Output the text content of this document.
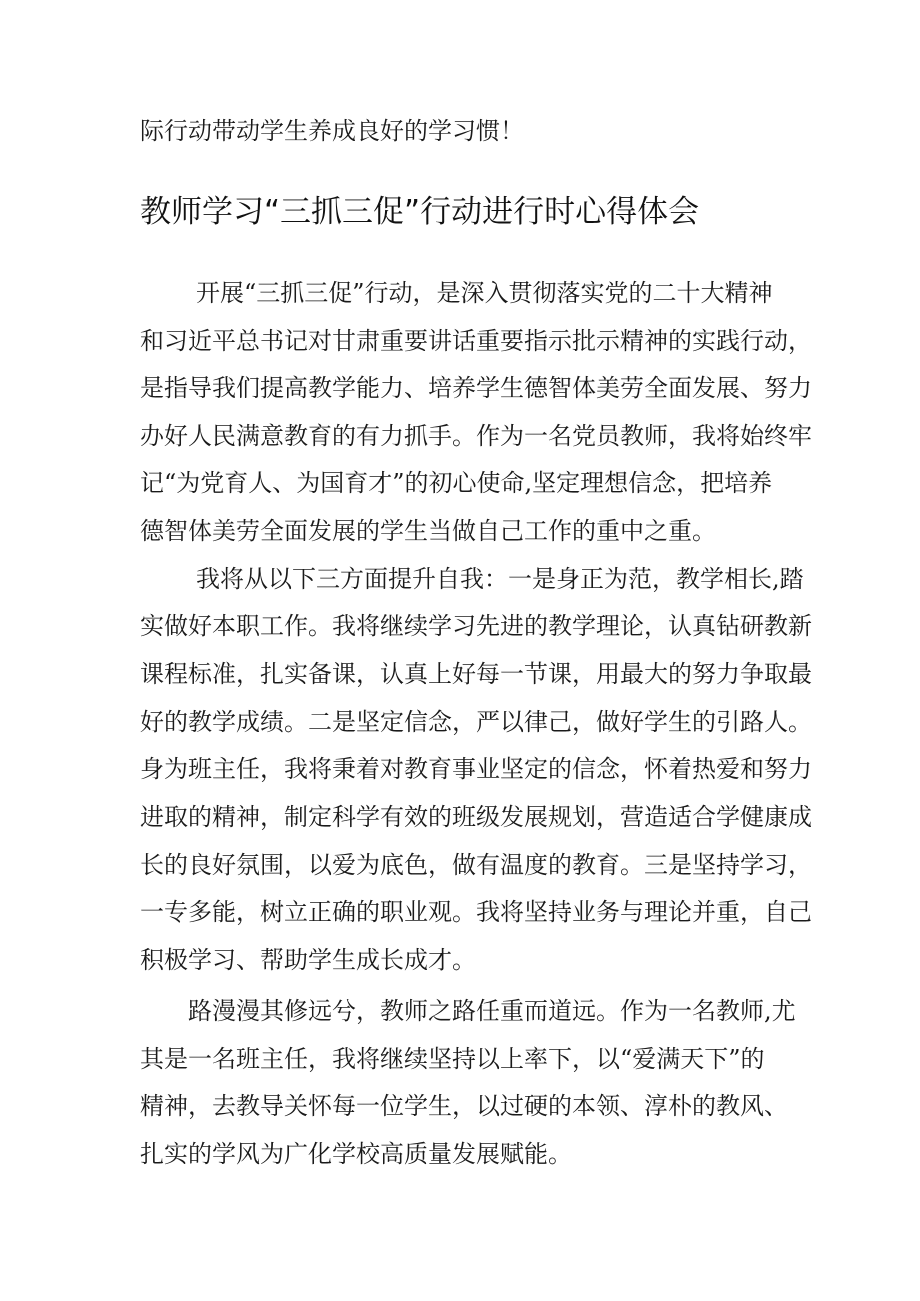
际行动带动学生养成良好的学习惯！
教师学习“三抓三促”行动进行时心得体会
开展“三抓三促”行动，是深入贯彻落实党的二十大精神
和习近平总书记对甘肃重要讲话重要指示批示精神的实践行动，
是指导我们提高教学能力、培养学生德智体美劳全面发展、努力
办好人民满意教育的有力抓手。作为一名党员教师，我将始终牢
记“为党育人、为国育才”的初心使命,坚定理想信念，把培养
德智体美劳全面发展的学生当做自己工作的重中之重。
我将从以下三方面提升自我：一是身正为范，教学相长,踏
实做好本职工作。我将继续学习先进的教学理论，认真钻研教新
课程标准，扎实备课，认真上好每一节课，用最大的努力争取最
好的教学成绩。二是坚定信念，严以律己，做好学生的引路人。
身为班主任，我将秉着对教育事业坚定的信念，怀着热爱和努力
进取的精神，制定科学有效的班级发展规划，营造适合学健康成
长的良好氛围，以爱为底色，做有温度的教育。三是坚持学习，
一专多能，树立正确的职业观。我将坚持业务与理论并重，自己
积极学习、帮助学生成长成才。
路漫漫其修远兮，教师之路任重而道远。作为一名教师,尤
其是一名班主任，我将继续坚持以上率下，以“爱满天下”的
精神，去教导关怀每一位学生，以过硬的本领、淳朴的教风、
扎实的学风为广化学校高质量发展赋能。
